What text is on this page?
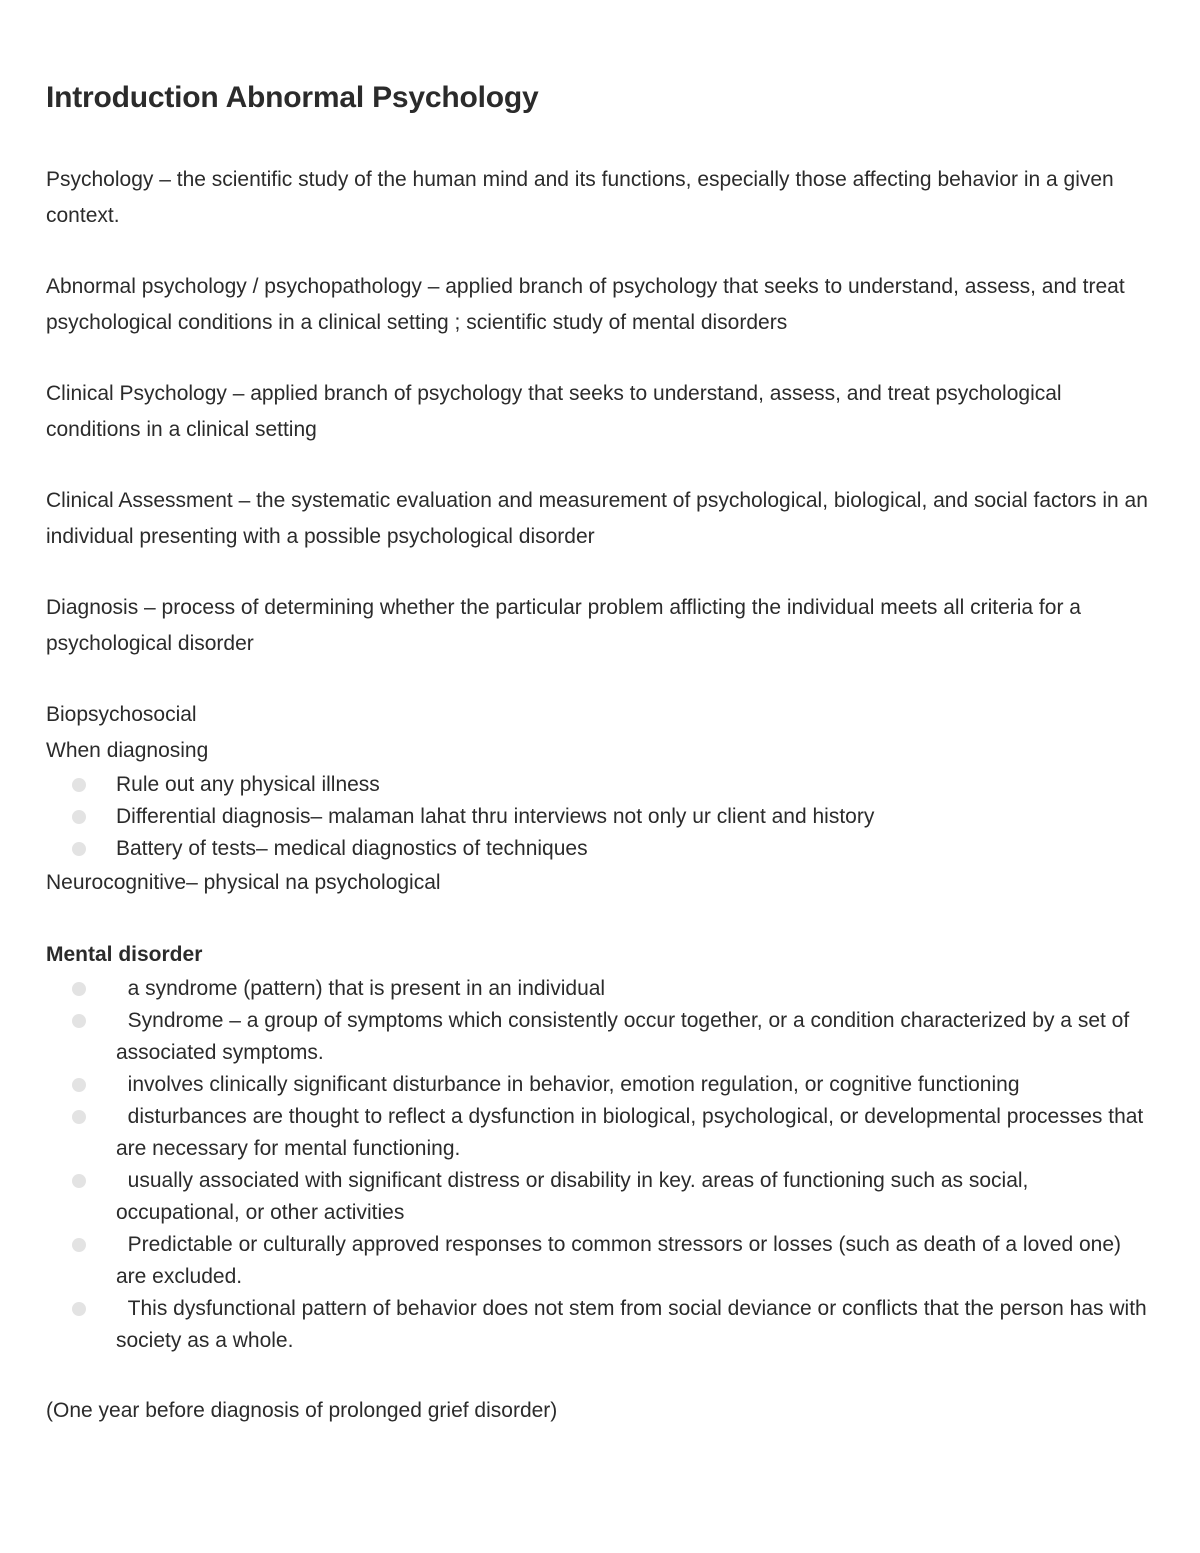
Introduction Abnormal Psychology

Psychology – the scientific study of the human mind and its functions, especially those affecting behavior in a given context.

Abnormal psychology / psychopathology – applied branch of psychology that seeks to understand, assess, and treat psychological conditions in a clinical setting ; scientific study of mental disorders

Clinical Psychology – applied branch of psychology that seeks to understand, assess, and treat psychological conditions in a clinical setting

Clinical Assessment – the systematic evaluation and measurement of psychological, biological, and social factors in an individual presenting with a possible psychological disorder

Diagnosis – process of determining whether the particular problem afflicting the individual meets all criteria for a psychological disorder

Biopsychosocial

When diagnosing

Rule out any physical illness
Differential diagnosis– malaman lahat thru interviews not only ur client and history
Battery of tests– medical diagnostics of techniques

Neurocognitive– physical na psychological

Mental disorder

a syndrome (pattern) that is present in an individual
Syndrome – a group of symptoms which consistently occur together, or a condition characterized by a set of associated symptoms.
involves clinically significant disturbance in behavior, emotion regulation, or cognitive functioning
disturbances are thought to reflect a dysfunction in biological, psychological, or developmental processes that are necessary for mental functioning.
usually associated with significant distress or disability in key. areas of functioning such as social, occupational, or other activities
Predictable or culturally approved responses to common stressors or losses (such as death of a loved one) are excluded.
This dysfunctional pattern of behavior does not stem from social deviance or conflicts that the person has with society as a whole.

(One year before diagnosis of prolonged grief disorder)
